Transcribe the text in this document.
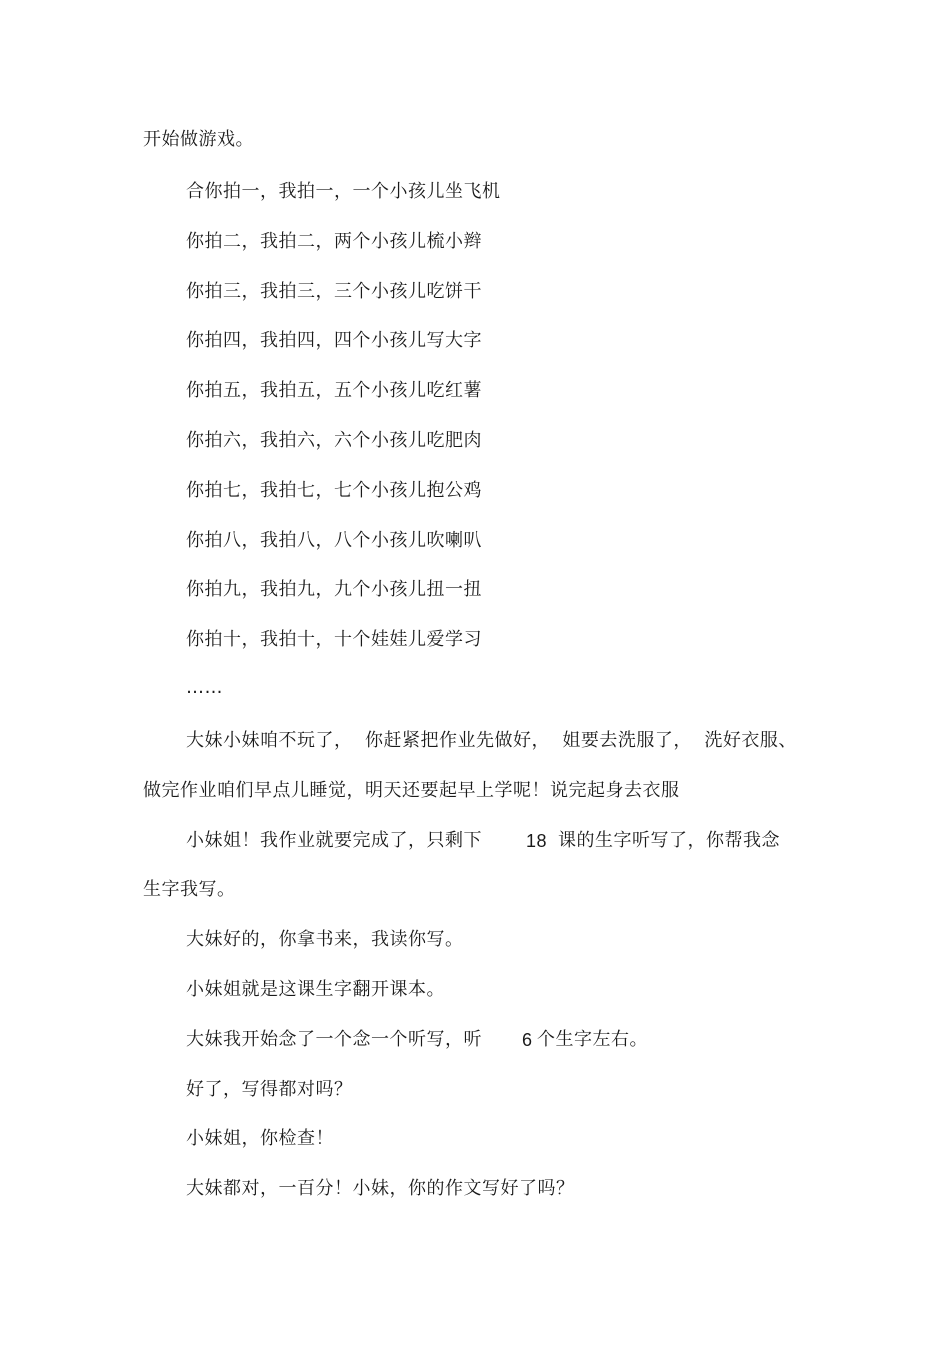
开始做游戏。
合你拍一，我拍一，一个小孩儿坐飞机
你拍二，我拍二，两个小孩儿梳小辫
你拍三，我拍三，三个小孩儿吃饼干
你拍四，我拍四，四个小孩儿写大字
你拍五，我拍五，五个小孩儿吃红薯
你拍六，我拍六，六个小孩儿吃肥肉
你拍七，我拍七，七个小孩儿抱公鸡
你拍八，我拍八，八个小孩儿吹喇叭
你拍九，我拍九，九个小孩儿扭一扭
你拍十，我拍十，十个娃娃儿爱学习
……
大妹小妹咱不玩了，  你赶紧把作业先做好，  姐要去洗服了，  洗好衣服、
做完作业咱们早点儿睡觉，明天还要起早上学呢！说完起身去衣服
小妹姐！我作业就要完成了，只剩下 18 课的生字听写了，你帮我念
生字我写。
大妹好的，你拿书来，我读你写。
小妹姐就是这课生字翻开课本。
大妹我开始念了一个念一个听写，听 6 个生字左右。
好了，写得都对吗？
小妹姐，你检查！
大妹都对，一百分！小妹，你的作文写好了吗？
